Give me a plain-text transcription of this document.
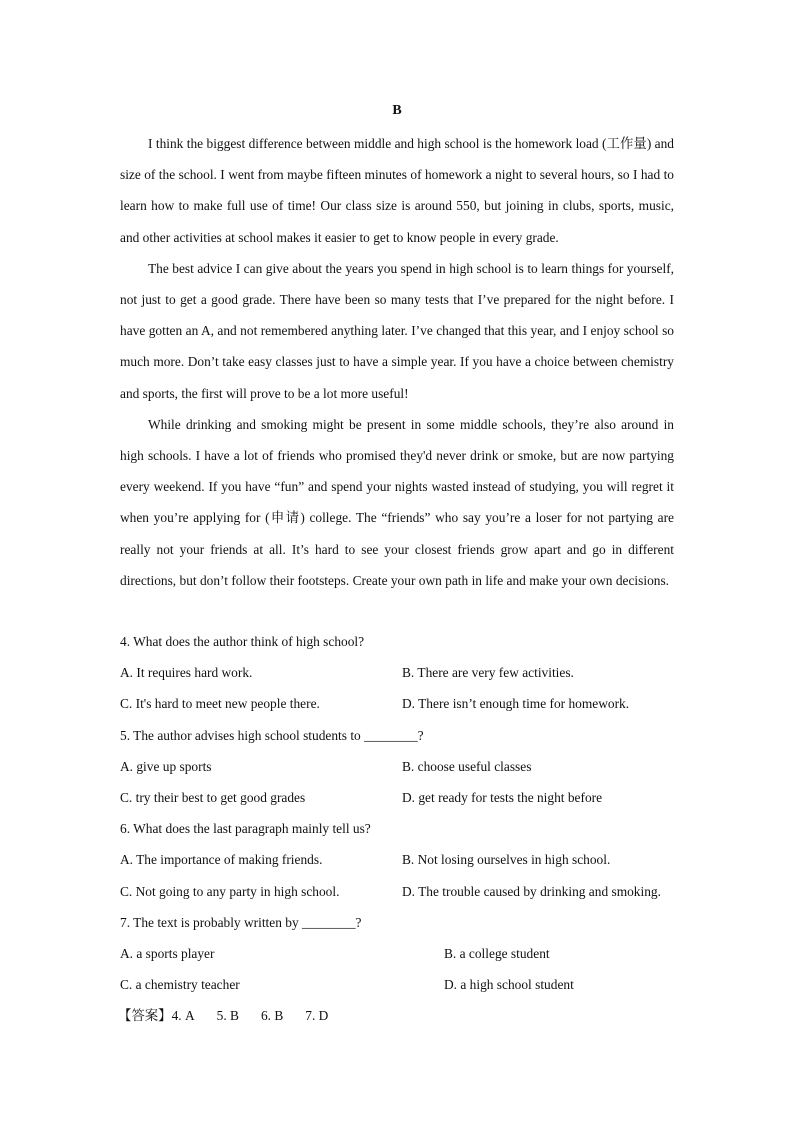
B

I think the biggest difference between middle and high school is the homework load (工作量) and size of the school. I went from maybe fifteen minutes of homework a night to several hours, so I had to learn how to make full use of time! Our class size is around 550, but joining in clubs, sports, music, and other activities at school makes it easier to get to know people in every grade.

The best advice I can give about the years you spend in high school is to learn things for yourself, not just to get a good grade. There have been so many tests that I’ve prepared for the night before. I have gotten an A, and not remembered anything later. I’ve changed that this year, and I enjoy school so much more. Don’t take easy classes just to have a simple year. If you have a choice between chemistry and sports, the first will prove to be a lot more useful!

While drinking and smoking might be present in some middle schools, they’re also around in high schools. I have a lot of friends who promised they'd never drink or smoke, but are now partying every weekend. If you have “fun” and spend your nights wasted instead of studying, you will regret it when you’re applying for (申请) college. The “friends” who say you’re a loser for not partying are really not your friends at all. It’s hard to see your closest friends grow apart and go in different directions, but don’t follow their footsteps. Create your own path in life and make your own decisions.

4. What does the author think of high school?
A. It requires hard work.	B. There are very few activities.
C. It's hard to meet new people there.	D. There isn’t enough time for homework.
5. The author advises high school students to ________?
A. give up sports	B. choose useful classes
C. try their best to get good grades	D. get ready for tests the night before
6. What does the last paragraph mainly tell us?
A. The importance of making friends.	B. Not losing ourselves in high school.
C. Not going to any party in high school.	D. The trouble caused by drinking and smoking.
7. The text is probably written by ________?
A. a sports player	B. a college student
C. a chemistry teacher	D. a high school student
【答案】4. A 5. B 6. B 7. D
